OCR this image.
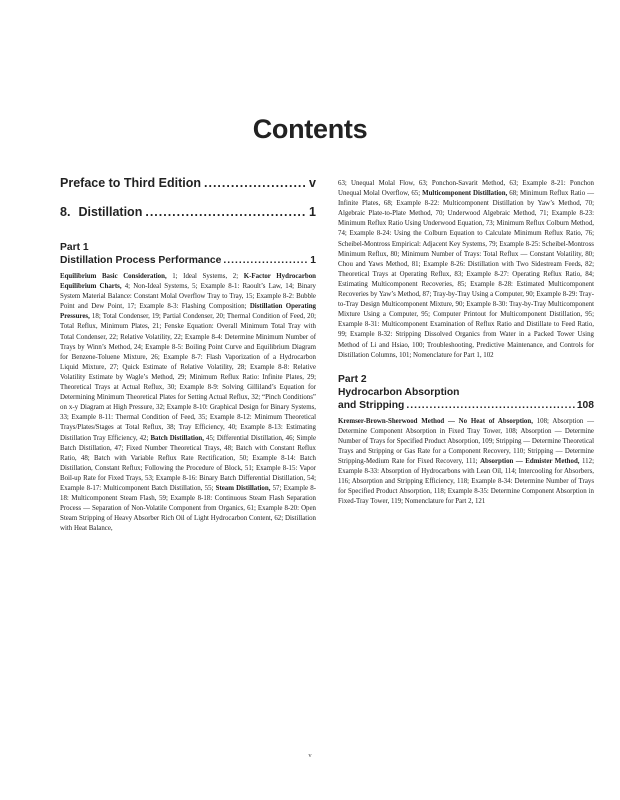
Contents
Preface to Third Edition .....	v
8. Distillation .....	1
Part 1
Distillation Process Performance .....	1
Equilibrium Basic Consideration, 1; Ideal Systems, 2; K-Factor Hydrocarbon Equilibrium Charts, 4; Non-Ideal Systems, 5; Example 8-1: Raoult’s Law, 14; Binary System Material Balance: Constant Molal Overflow Tray to Tray, 15; Example 8-2: Bubble Point and Dew Point, 17; Example 8-3: Flashing Composition; Distillation Operating Pressures, 18; Total Condenser, 19; Partial Condenser, 20; Thermal Condition of Feed, 20; Total Reflux, Minimum Plates, 21; Fenske Equation: Overall Minimum Total Tray with Total Condenser, 22; Relative Volatility, 22; Example 8-4: Determine Minimum Number of Trays by Winn’s Method, 24; Example 8-5: Boiling Point Curve and Equilibrium Diagram for Benzene-Toluene Mixture, 26; Example 8-7: Flash Vaporization of a Hydrocarbon Liquid Mixture, 27; Quick Estimate of Relative Volatility, 28; Example 8-8: Relative Volatility Estimate by Wagle’s Method, 29; Minimum Reflux Ratio: Infinite Plates, 29; Theoretical Trays at Actual Reflux, 30; Example 8-9: Solving Gilliland’s Equation for Determining Minimum Theoretical Plates for Setting Actual Reflux, 32; “Pinch Conditions” on x-y Diagram at High Pressure, 32; Example 8-10: Graphical Design for Binary Systems, 33; Example 8-11: Thermal Condition of Feed, 35; Example 8-12: Minimum Theoretical Trays/Plates/Stages at Total Reflux, 38; Tray Efficiency, 40; Example 8-13: Estimating Distillation Tray Efficiency, 42; Batch Distillation, 45; Differential Distillation, 46; Simple Batch Distillation, 47; Fixed Number Theoretical Trays, 48; Batch with Constant Reflux Ratio, 48; Batch with Variable Reflux Rate Rectification, 50; Example 8-14: Batch Distillation, Constant Reflux; Following the Procedure of Block, 51; Example 8-15: Vapor Boil-up Rate for Fixed Trays, 53; Example 8-16: Binary Batch Differential Distillation, 54; Example 8-17: Multicomponent Batch Distillation, 55; Steam Distillation, 57; Example 8-18: Multicomponent Steam Flash, 59; Example 8-18: Continuous Steam Flash Separation Process — Separation of Non-Volatile Component from Organics, 61; Example 8-20: Open Steam Stripping of Heavy Absorber Rich Oil of Light Hydrocarbon Content, 62; Distillation with Heat Balance,
63; Unequal Molal Flow, 63; Ponchon-Savarit Method, 63; Example 8-21: Ponchon Unequal Molal Overflow, 65; Multicomponent Distillation, 68; Minimum Reflux Ratio — Infinite Plates, 68; Example 8-22: Multicomponent Distillation by Yaw’s Method, 70; Algebraic Plate-to-Plate Method, 70; Underwood Algebraic Method, 71; Example 8-23: Minimum Reflux Ratio Using Underwood Equation, 73; Minimum Reflux Colburn Method, 74; Example 8-24: Using the Colburn Equation to Calculate Minimum Reflux Ratio, 76; Scheibel-Montross Empirical: Adjacent Key Systems, 79; Example 8-25: Scheibel-Montross Minimum Reflux, 80; Minimum Number of Trays: Total Reflux — Constant Volatility, 80; Chou and Yaws Method, 81; Example 8-26: Distillation with Two Sidestream Feeds, 82; Theoretical Trays at Operating Reflux, 83; Example 8-27: Operating Reflux Ratio, 84; Estimating Multicomponent Recoveries, 85; Example 8-28: Estimated Multicomponent Recoveries by Yaw’s Method, 87; Tray-by-Tray Using a Computer, 90; Example 8-29: Tray-to-Tray Design Multicomponent Mixture, 90; Example 8-30: Tray-by-Tray Multicomponent Mixture Using a Computer, 95; Computer Printout for Multicomponent Distillation, 95; Example 8-31: Multicomponent Examination of Reflux Ratio and Distillate to Feed Ratio, 99; Example 8-32: Stripping Dissolved Organics from Water in a Packed Tower Using Method of Li and Hsiao, 100; Troubleshooting, Predictive Maintenance, and Controls for Distillation Columns, 101; Nomenclature for Part 1, 102
Part 2
Hydrocarbon Absorption
and Stripping .....	108
Kremser-Brown-Sherwood Method — No Heat of Absorption, 108; Absorption — Determine Component Absorption in Fixed Tray Tower, 108; Absorption — Determine Number of Trays for Specified Product Absorption, 109; Stripping — Determine Theoretical Trays and Stripping or Gas Rate for a Component Recovery, 110; Stripping — Determine Stripping-Medium Rate for Fixed Recovery, 111; Absorption — Edmister Method, 112; Example 8-33: Absorption of Hydrocarbons with Lean Oil, 114; Intercooling for Absorbers, 116; Absorption and Stripping Efficiency, 118; Example 8-34: Determine Number of Trays for Specified Product Absorption, 118; Example 8-35: Determine Component Absorption in Fixed-Tray Tower, 119; Nomenclature for Part 2, 121
v
